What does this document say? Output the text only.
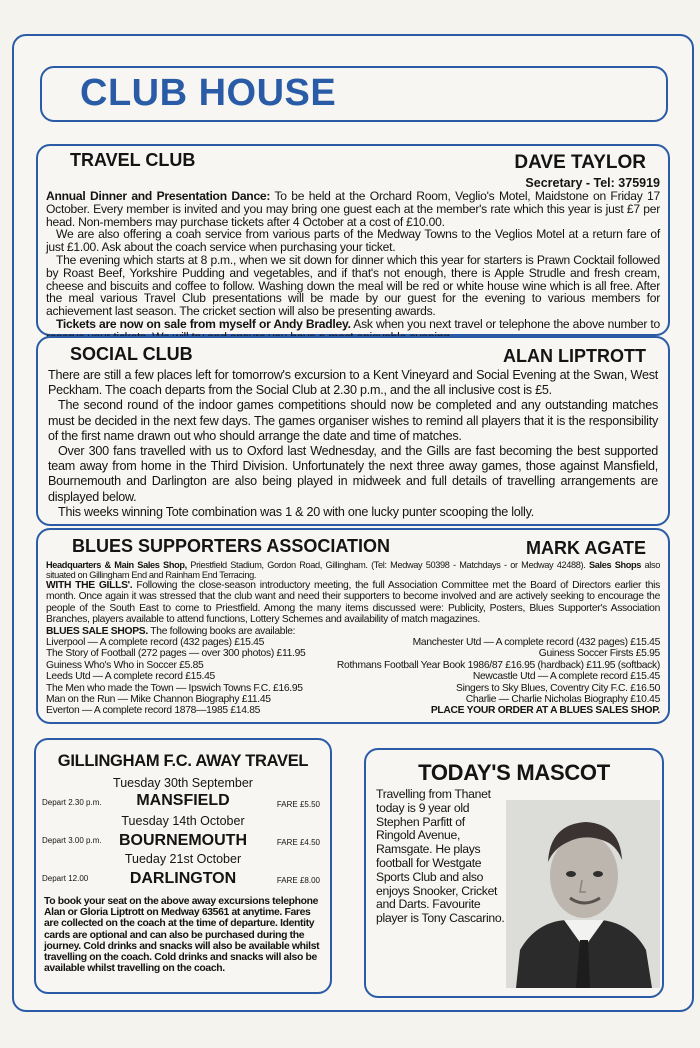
CLUB HOUSE
TRAVEL CLUB	DAVE TAYLOR
Secretary - Tel: 375919

Annual Dinner and Presentation Dance: To be held at the Orchard Room, Veglio's Motel, Maidstone on Friday 17 October. Every member is invited and you may bring one guest each at the member's rate which this year is just £7 per head. Non-members may purchase tickets after 4 October at a cost of £10.00.

We are also offering a coah service from various parts of the Medway Towns to the Veglios Motel at a return fare of just £1.00. Ask about the coach service when purchasing your ticket.

The evening which starts at 8 p.m., when we sit down for dinner which this year for starters is Prawn Cocktail followed by Roast Beef, Yorkshire Pudding and vegetables, and if that's not enough, there is Apple Strudle and fresh cream, cheese and biscuits and coffee to follow. Washing down the meal will be red or white house wine which is all free. After the meal various Travel Club presentations will be made by our guest for the evening to various members for achievement last season. The cricket section will also be presenting awards.

Tickets are now on sale from myself or Andy Bradley. Ask when you next travel or telephone the above number to

SOCIAL CLUB	ALAN LIPTROTT

There are still a few places left for tomorrow's excursion to a Kent Vineyard and Social Evening at the Swan, West Peckham. The coach departs from the Social Club at 2.30 p.m., and the all inclusive cost is £5.

The second round of the indoor games competitions should now be completed and any outstanding matches must be decided in the next few days. The games organiser wishes to remind all players that it is the responsibility of the first name drawn out who should arrange the date and time of matches.

Over 300 fans travelled with us to Oxford last Wednesday, and the Gills are fast becoming the best supported team away from home in the Third Division. Unfortunately the next three away games, those against Mansfield, Bournemouth and Darlington are also being played in midweek and full details of travelling arrangements are displayed below.

This weeks winning Tote combination was 1 & 20 with one lucky punter scooping the lolly.

BLUES SUPPORTERS ASSOCIATION	MARK AGATE

Headquarters & Main Sales Shop, Priestfield Stadium, Gordon Road, Gillingham. (Tel: Medway 50398 - Matchdays - or Medway 42488). Sales Shops also situated on Gillingham End and Rainham End Terracing.

WITH THE GILLS'. Following the close-season introductory meeting, the full Association Committee met the Board of Directors earlier this month. Once again it was stressed that the club want and need their supporters to become involved and are actively seeking to encourage the people of the South East to come to Priestfield. Among the many items discussed were: Publicity, Posters, Blues Supporter's Association Branches, players available to attend functions, Lottery Schemes and availability of match magazines.

BLUES SALE SHOPS. The following books are available:

Liverpool — A complete record (432 pages) £15.45	Manchester Utd — A complete record (432 pages) £15.45
The Story of Football (272 pages — over 300 photos) £11.95	Guiness Soccer Firsts £5.95
Guiness Who's Who in Soccer £5.85	Rothmans Football Year Book 1986/87 £16.95 (hardback) £11.95 (softback)
Leeds Utd — A complete record £15.45	Newcastle Utd — A complete record £15.45
The Men who made the Town — Ipswich Towns F.C. £16.95	Singers to Sky Blues, Coventry City F.C. £16.50
Man on the Run — Mike Channon Biography £11.45	Charlie — Charlie Nicholas Biography £10.45
Everton — A complete record 1878—1985 £14.85	PLACE YOUR ORDER AT A BLUES SALES SHOP.
GILLINGHAM F.C. AWAY TRAVEL
Tuesday 30th September
Depart 2.30 p.m.	MANSFIELD	FARE £5.50
Tuesday 14th October
Depart 3.00 p.m.	BOURNEMOUTH	FARE £4.50
Tueday 21st October
Depart 12.00	DARLINGTON	FARE £8.00
To book your seat on the above away excursions telephone Alan or Gloria Liptrott on Medway 63561 at anytime. Fares are collected on the coach at the time of departure. Identity cards are optional and can also be purchased during the journey. Cold drinks and snacks will also be available whilst travelling on the coach. Cold drinks and snacks will also be available whilst travelling on the coach.
TODAY'S MASCOT
Travelling from Thanet today is 9 year old Stephen Parfitt of Ringold Avenue, Ramsgate. He plays football for Westgate Sports Club and also enjoys Snooker, Cricket and Darts. Favourite player is Tony Cascarino.
